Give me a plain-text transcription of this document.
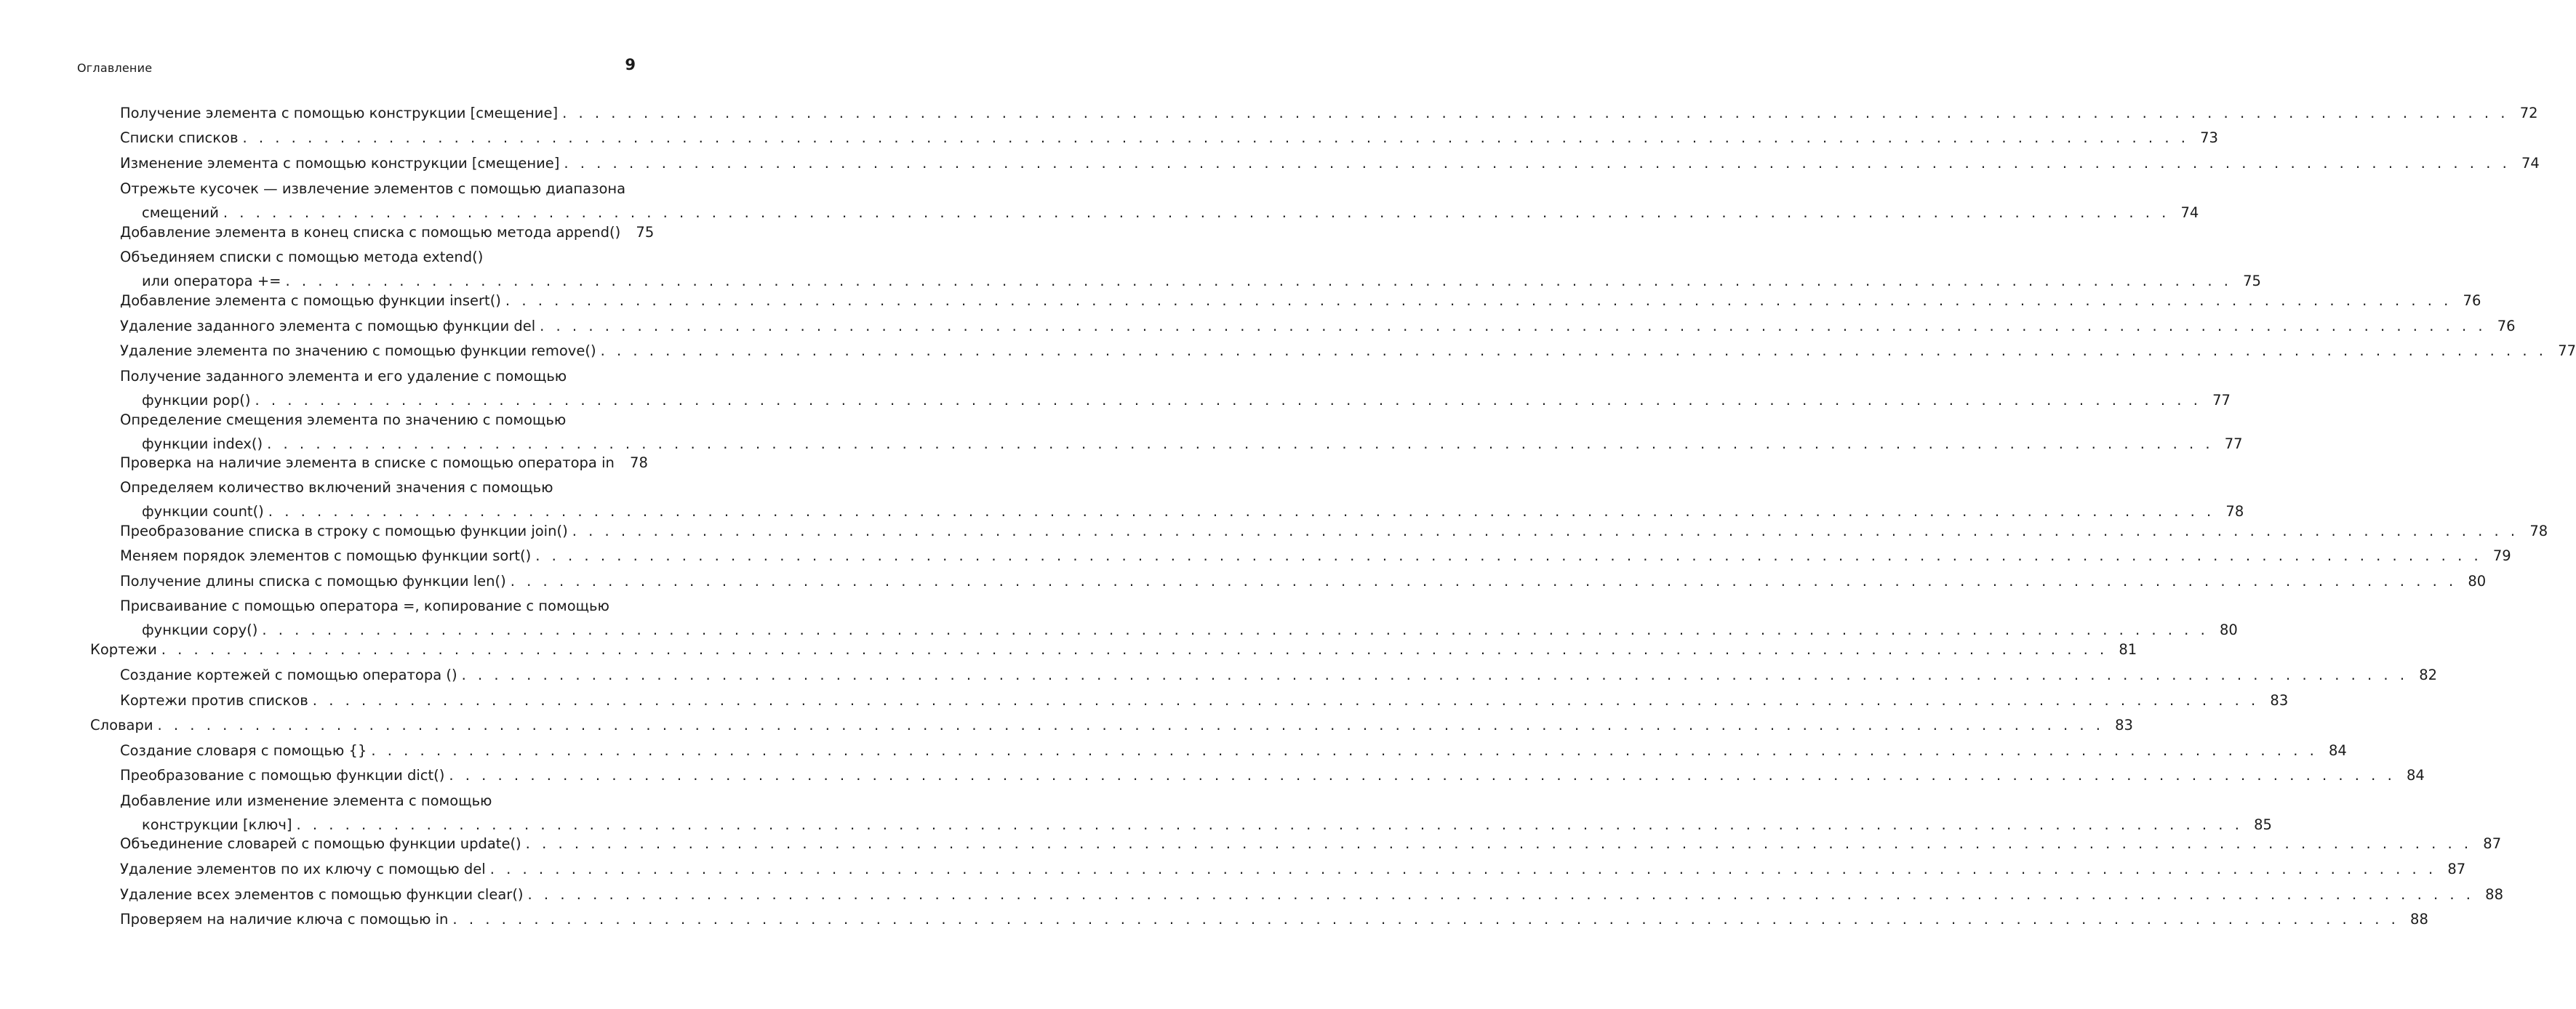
Оглавление	9
Получение элемента с помощью конструкции [смещение] . . . . . . . . . . . . . . . . . . . . . . . . . . . . . . . . . . . . . . . . . . . . . . . . . . . . . . . . . . . . . . . . . . . . . . . . . . . . . . . . . . . . . . . . . . . . . . . . . . . . . . . . . . . . . . . . . . . . . . . . 72
Списки списков . . . . . . . . . . . . . . . . . . . . . . . . . . . . . . . . . . . . . . . . . . . . . . . . . . . . . . . . . . . . . . . . . . . . . . . . . . . . . . . . . . . . . . . . . . . . . . . . . . . . . . . . . . . . . . . . . . . . . . . . 73
Изменение элемента с помощью конструкции [смещение] . . . . . . . . . . . . . . . . . . . . . . . . . . . . . . . . . . . . . . . . . . . . . . . . . . . . . . . . . . . . . . . . . . . . . . . . . . . . . . . . . . . . . . . . . . . . . . . . . . . . . . . . . . . . . . . . . . . . . . . . 74
Отрежьте кусочек — извлечение элементов с помощью диапазона
смещений . . . . . . . . . . . . . . . . . . . . . . . . . . . . . . . . . . . . . . . . . . . . . . . . . . . . . . . . . . . . . . . . . . . . . . . . . . . . . . . . . . . . . . . . . . . . . . . . . . . . . . . . . . . . . . . . . . . . . . . . 74
Добавление элемента в конец списка с помощью метода append()	75
Объединяем списки с помощью метода extend()
или оператора += . . . . . . . . . . . . . . . . . . . . . . . . . . . . . . . . . . . . . . . . . . . . . . . . . . . . . . . . . . . . . . . . . . . . . . . . . . . . . . . . . . . . . . . . . . . . . . . . . . . . . . . . . . . . . . . . . . . . . . . . 75
Добавление элемента с помощью функции insert() . . . . . . . . . . . . . . . . . . . . . . . . . . . . . . . . . . . . . . . . . . . . . . . . . . . . . . . . . . . . . . . . . . . . . . . . . . . . . . . . . . . . . . . . . . . . . . . . . . . . . . . . . . . . . . . . . . . . . . . . 76
Удаление заданного элемента с помощью функции del . . . . . . . . . . . . . . . . . . . . . . . . . . . . . . . . . . . . . . . . . . . . . . . . . . . . . . . . . . . . . . . . . . . . . . . . . . . . . . . . . . . . . . . . . . . . . . . . . . . . . . . . . . . . . . . . . . . . . . . . 76
Удаление элемента по значению с помощью функции remove() . . . . . . . . . . . . . . . . . . . . . . . . . . . . . . . . . . . . . . . . . . . . . . . . . . . . . . . . . . . . . . . . . . . . . . . . . . . . . . . . . . . . . . . . . . . . . . . . . . . . . . . . . . . . . . . . . . . . . . . . 77
Получение заданного элемента и его удаление с помощью
функции pop() . . . . . . . . . . . . . . . . . . . . . . . . . . . . . . . . . . . . . . . . . . . . . . . . . . . . . . . . . . . . . . . . . . . . . . . . . . . . . . . . . . . . . . . . . . . . . . . . . . . . . . . . . . . . . . . . . . . . . . . . 77
Определение смещения элемента по значению с помощью
функции index() . . . . . . . . . . . . . . . . . . . . . . . . . . . . . . . . . . . . . . . . . . . . . . . . . . . . . . . . . . . . . . . . . . . . . . . . . . . . . . . . . . . . . . . . . . . . . . . . . . . . . . . . . . . . . . . . . . . . . . . . 77
Проверка на наличие элемента в списке с помощью оператора in	78
Определяем количество включений значения с помощью
функции count() . . . . . . . . . . . . . . . . . . . . . . . . . . . . . . . . . . . . . . . . . . . . . . . . . . . . . . . . . . . . . . . . . . . . . . . . . . . . . . . . . . . . . . . . . . . . . . . . . . . . . . . . . . . . . . . . . . . . . . . . 78
Преобразование списка в строку с помощью функции join() . . . . . . . . . . . . . . . . . . . . . . . . . . . . . . . . . . . . . . . . . . . . . . . . . . . . . . . . . . . . . . . . . . . . . . . . . . . . . . . . . . . . . . . . . . . . . . . . . . . . . . . . . . . . . . . . . . . . . . . . 78
Меняем порядок элементов с помощью функции sort() . . . . . . . . . . . . . . . . . . . . . . . . . . . . . . . . . . . . . . . . . . . . . . . . . . . . . . . . . . . . . . . . . . . . . . . . . . . . . . . . . . . . . . . . . . . . . . . . . . . . . . . . . . . . . . . . . . . . . . . . 79
Получение длины списка с помощью функции len() . . . . . . . . . . . . . . . . . . . . . . . . . . . . . . . . . . . . . . . . . . . . . . . . . . . . . . . . . . . . . . . . . . . . . . . . . . . . . . . . . . . . . . . . . . . . . . . . . . . . . . . . . . . . . . . . . . . . . . . . 80
Присваивание с помощью оператора =, копирование с помощью
функции copy() . . . . . . . . . . . . . . . . . . . . . . . . . . . . . . . . . . . . . . . . . . . . . . . . . . . . . . . . . . . . . . . . . . . . . . . . . . . . . . . . . . . . . . . . . . . . . . . . . . . . . . . . . . . . . . . . . . . . . . . . 80
Кортежи . . . . . . . . . . . . . . . . . . . . . . . . . . . . . . . . . . . . . . . . . . . . . . . . . . . . . . . . . . . . . . . . . . . . . . . . . . . . . . . . . . . . . . . . . . . . . . . . . . . . . . . . . . . . . . . . . . . . . . . . 81
Создание кортежей с помощью оператора () . . . . . . . . . . . . . . . . . . . . . . . . . . . . . . . . . . . . . . . . . . . . . . . . . . . . . . . . . . . . . . . . . . . . . . . . . . . . . . . . . . . . . . . . . . . . . . . . . . . . . . . . . . . . . . . . . . . . . . . . 82
Кортежи против списков . . . . . . . . . . . . . . . . . . . . . . . . . . . . . . . . . . . . . . . . . . . . . . . . . . . . . . . . . . . . . . . . . . . . . . . . . . . . . . . . . . . . . . . . . . . . . . . . . . . . . . . . . . . . . . . . . . . . . . . . 83
Словари . . . . . . . . . . . . . . . . . . . . . . . . . . . . . . . . . . . . . . . . . . . . . . . . . . . . . . . . . . . . . . . . . . . . . . . . . . . . . . . . . . . . . . . . . . . . . . . . . . . . . . . . . . . . . . . . . . . . . . . . 83
Создание словаря с помощью {} . . . . . . . . . . . . . . . . . . . . . . . . . . . . . . . . . . . . . . . . . . . . . . . . . . . . . . . . . . . . . . . . . . . . . . . . . . . . . . . . . . . . . . . . . . . . . . . . . . . . . . . . . . . . . . . . . . . . . . . . 84
Преобразование с помощью функции dict() . . . . . . . . . . . . . . . . . . . . . . . . . . . . . . . . . . . . . . . . . . . . . . . . . . . . . . . . . . . . . . . . . . . . . . . . . . . . . . . . . . . . . . . . . . . . . . . . . . . . . . . . . . . . . . . . . . . . . . . . 84
Добавление или изменение элемента с помощью
конструкции [ключ] . . . . . . . . . . . . . . . . . . . . . . . . . . . . . . . . . . . . . . . . . . . . . . . . . . . . . . . . . . . . . . . . . . . . . . . . . . . . . . . . . . . . . . . . . . . . . . . . . . . . . . . . . . . . . . . . . . . . . . . . 85
Объединение словарей с помощью функции update() . . . . . . . . . . . . . . . . . . . . . . . . . . . . . . . . . . . . . . . . . . . . . . . . . . . . . . . . . . . . . . . . . . . . . . . . . . . . . . . . . . . . . . . . . . . . . . . . . . . . . . . . . . . . . . . . . . . . . . . . 87
Удаление элементов по их ключу с помощью del . . . . . . . . . . . . . . . . . . . . . . . . . . . . . . . . . . . . . . . . . . . . . . . . . . . . . . . . . . . . . . . . . . . . . . . . . . . . . . . . . . . . . . . . . . . . . . . . . . . . . . . . . . . . . . . . . . . . . . . . 87
Удаление всех элементов с помощью функции clear() . . . . . . . . . . . . . . . . . . . . . . . . . . . . . . . . . . . . . . . . . . . . . . . . . . . . . . . . . . . . . . . . . . . . . . . . . . . . . . . . . . . . . . . . . . . . . . . . . . . . . . . . . . . . . . . . . . . . . . . . 88
Проверяем на наличие ключа с помощью in . . . . . . . . . . . . . . . . . . . . . . . . . . . . . . . . . . . . . . . . . . . . . . . . . . . . . . . . . . . . . . . . . . . . . . . . . . . . . . . . . . . . . . . . . . . . . . . . . . . . . . . . . . . . . . . . . . . . . . . . 88
